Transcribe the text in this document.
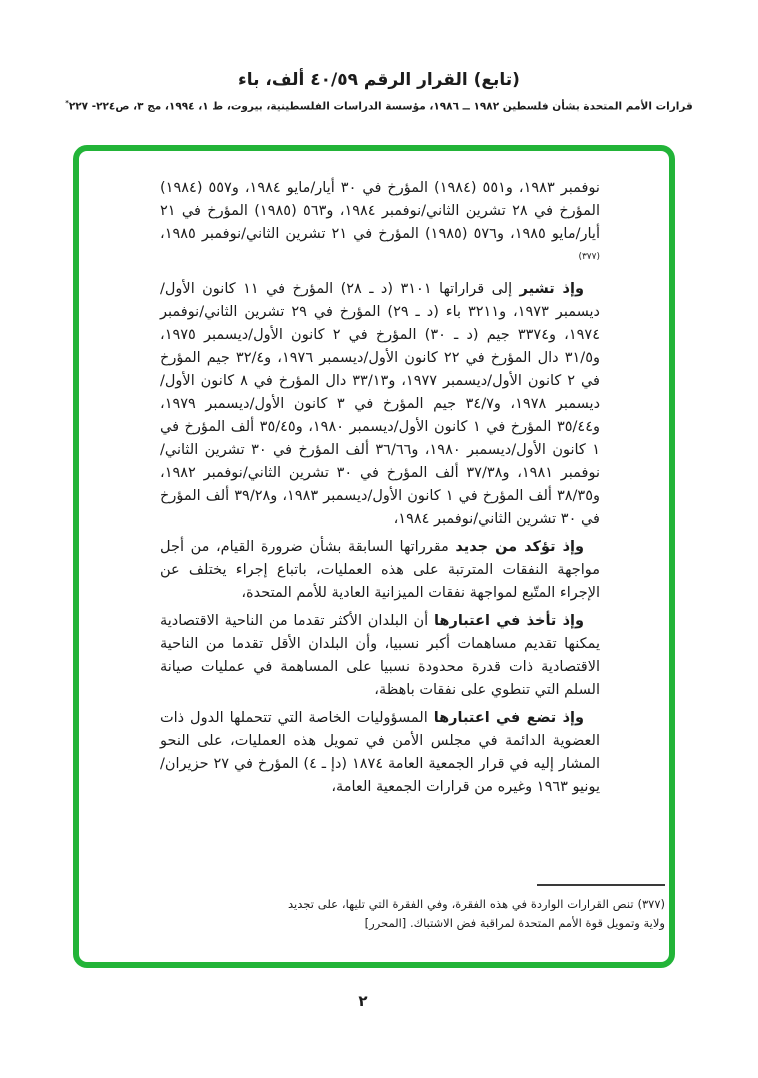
(تابع) القرار الرقم ٤٠/٥٩ ألف، باء
قرارات الأمم المتحدة بشأن فلسطين ١٩٨٢ ــ ١٩٨٦، مؤسسة الدراسات الفلسطينية، بيروت، ط ١، ١٩٩٤، مج ٣، ص٢٢٤- ٢٢٧*

نوفمبر ١٩٨٣، و٥٥١ (١٩٨٤) المؤرخ في ٣٠ أيار/مايو ١٩٨٤، و٥٥٧ (١٩٨٤) المؤرخ في ٢٨ تشرين الثاني/نوفمبر ١٩٨٤، و٥٦٣ (١٩٨٥) المؤرخ في ٢١ أيار/مايو ١٩٨٥، و٥٧٦ (١٩٨٥) المؤرخ في ٢١ تشرين الثاني/نوفمبر ١٩٨٥، $^{(٣٧٧)}$

وإذ تشير إلى قراراتها ٣١٠١ (د ـ ٢٨) المؤرخ في ١١ كانون الأول/ديسمبر ١٩٧٣، و٣٢١١ باء (د ـ ٢٩) المؤرخ في ٢٩ تشرين الثاني/نوفمبر ١٩٧٤، و٣٣٧٤ جيم (د ـ ٣٠) المؤرخ في ٢ كانون الأول/ديسمبر ١٩٧٥، و٣١/٥ دال المؤرخ في ٢٢ كانون الأول/ديسمبر ١٩٧٦، و٣٢/٤ جيم المؤرخ في ٢ كانون الأول/ديسمبر ١٩٧٧، و٣٣/١٣ دال المؤرخ في ٨ كانون الأول/ديسمبر ١٩٧٨، و٣٤/٧ جيم المؤرخ في ٣ كانون الأول/ديسمبر ١٩٧٩، و٣٥/٤٤ المؤرخ في ١ كانون الأول/ديسمبر ١٩٨٠، و٣٥/٤٥ ألف المؤرخ في ١ كانون الأول/ديسمبر ١٩٨٠، و٣٦/٦٦ ألف المؤرخ في ٣٠ تشرين الثاني/نوفمبر ١٩٨١، و٣٧/٣٨ ألف المؤرخ في ٣٠ تشرين الثاني/نوفمبر ١٩٨٢، و٣٨/٣٥ ألف المؤرخ في ١ كانون الأول/ديسمبر ١٩٨٣، و٣٩/٢٨ ألف المؤرخ في ٣٠ تشرين الثاني/نوفمبر ١٩٨٤،

وإذ تؤكد من جديد مقرراتها السابقة بشأن ضرورة القيام، من أجل مواجهة النفقات المترتبة على هذه العمليات، باتباع إجراء يختلف عن الإجراء المتّبع لمواجهة نفقات الميزانية العادية للأمم المتحدة،

وإذ تأخذ في اعتبارها أن البلدان الأكثر تقدما من الناحية الاقتصادية يمكنها تقديم مساهمات أكبر نسبيا، وأن البلدان الأقل تقدما من الناحية الاقتصادية ذات قدرة محدودة نسبيا على المساهمة في عمليات صيانة السلم التي تنطوي على نفقات باهظة،

وإذ تضع في اعتبارها المسؤوليات الخاصة التي تتحملها الدول ذات العضوية الدائمة في مجلس الأمن في تمويل هذه العمليات، على النحو المشار إليه في قرار الجمعية العامة ١٨٧٤ (دإ ـ ٤) المؤرخ في ٢٧ حزيران/يونيو ١٩٦٣ وغيره من قرارات الجمعية العامة،

(٣٧٧) تنص القرارات الواردة في هذه الفقرة، وفي الفقرة التي تليها، على تجديد ولاية وتمويل قوة الأمم المتحدة لمراقبة فض الاشتباك. [المحرر]
٢
